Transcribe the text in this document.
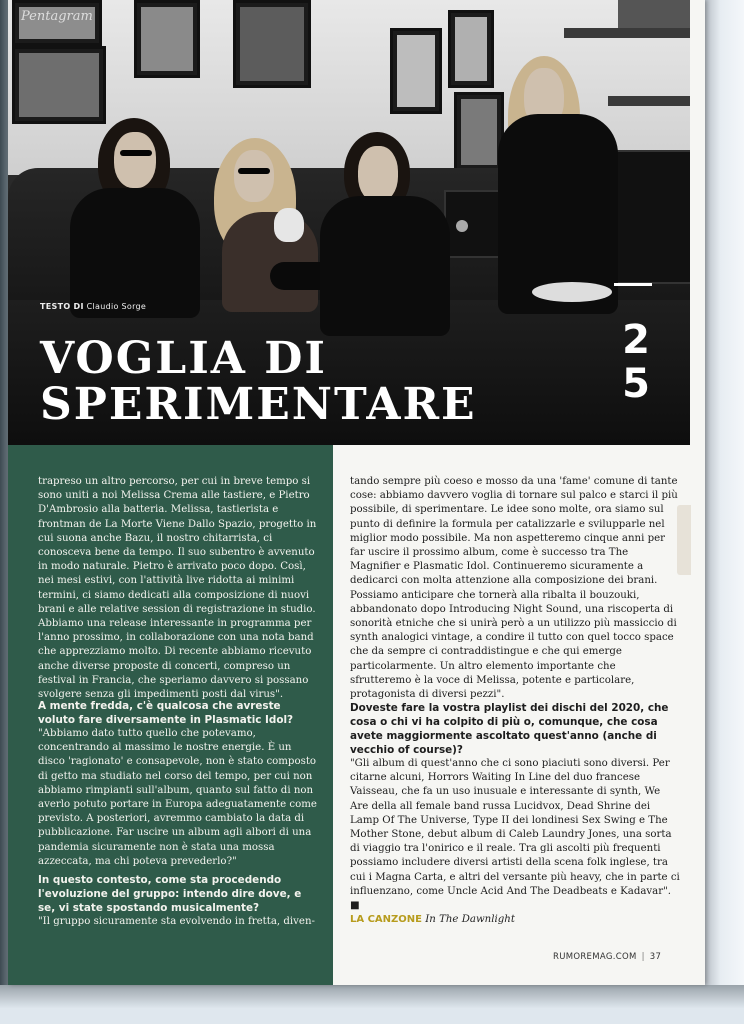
Pentagram
TESTO DI Claudio Sorge
VOGLIA DI
SPERIMENTARE
2
5

trapreso un altro percorso, per cui in breve tempo si sono uniti a noi Melissa Crema alle tastiere, e Pietro D'Ambrosio alla batteria. Melissa, tastierista e frontman de La Morte Viene Dallo Spazio, progetto in cui suona anche Bazu, il nostro chitarrista, ci conosceva bene da tempo. Il suo subentro è avvenuto in modo naturale. Pietro è arrivato poco dopo. Così, nei mesi estivi, con l'attività live ridotta ai minimi termini, ci siamo dedicati alla composizione di nuovi brani e alle relative session di registrazione in studio. Abbiamo una release interessante in programma per l'anno prossimo, in collaborazione con una nota band che apprezziamo molto. Di recente abbiamo ricevuto anche diverse proposte di concerti, compreso un festival in Francia, che speriamo davvero si possano svolgere senza gli impedimenti posti dal virus".

A mente fredda, c'è qualcosa che avreste voluto fare diversamente in Plasmatic Idol?

"Abbiamo dato tutto quello che potevamo, concentrando al massimo le nostre energie. È un disco 'ragionato' e consapevole, non è stato composto di getto ma studiato nel corso del tempo, per cui non abbiamo rimpianti sull'album, quanto sul fatto di non averlo potuto portare in Europa adeguatamente come previsto. A posteriori, avremmo cambiato la data di pubblicazione. Far uscire un album agli albori di una pandemia sicuramente non è stata una mossa azzeccata, ma chi poteva prevederlo?"

In questo contesto, come sta procedendo l'evoluzione del gruppo: intendo dire dove, e se, vi state spostando musicalmente?

"Il gruppo sicuramente sta evolvendo in fretta, diven-

tando sempre più coeso e mosso da una 'fame' comune di tante cose: abbiamo davvero voglia di tornare sul palco e starci il più possibile, di sperimentare. Le idee sono molte, ora siamo sul punto di definire la formula per catalizzarle e svilupparle nel miglior modo possibile. Ma non aspetteremo cinque anni per far uscire il prossimo album, come è successo tra The Magnifier e Plasmatic Idol. Continueremo sicuramente a dedicarci con molta attenzione alla composizione dei brani. Possiamo anticipare che tornerà alla ribalta il bouzouki, abbandonato dopo Introducing Night Sound, una riscoperta di sonorità etniche che si unirà però a un utilizzo più massiccio di synth analogici vintage, a condire il tutto con quel tocco space che da sempre ci contraddistingue e che qui emerge particolarmente. Un altro elemento importante che sfrutteremo è la voce di Melissa, potente e particolare, protagonista di diversi pezzi".

Doveste fare la vostra playlist dei dischi del 2020, che cosa o chi vi ha colpito di più o, comunque, che cosa avete maggiormente ascoltato quest'anno (anche di vecchio of course)?

"Gli album di quest'anno che ci sono piaciuti sono diversi. Per citarne alcuni, Horrors Waiting In Line del duo francese Vaisseau, che fa un uso inusuale e interessante di synth, We Are della all female band russa Lucidvox, Dead Shrine dei Lamp Of The Universe, Type II dei londinesi Sex Swing e The Mother Stone, debut album di Caleb Laundry Jones, una sorta di viaggio tra l'onirico e il reale. Tra gli ascolti più frequenti possiamo includere diversi artisti della scena folk inglese, tra cui i Magna Carta, e altri del versante più heavy, che in parte ci influenzano, come Uncle Acid And The Deadbeats e Kadavar". ■

LA CANZONE In The Dawnlight
RUMOREMAG.COM | 37
